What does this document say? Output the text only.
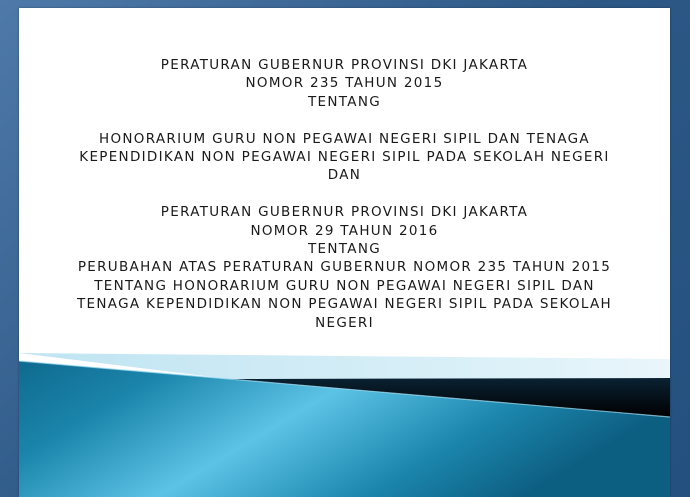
PERATURAN GUBERNUR PROVINSI DKI JAKARTA
NOMOR 235 TAHUN 2015
TENTANG
HONORARIUM GURU NON PEGAWAI NEGERI SIPIL DAN TENAGA
KEPENDIDIKAN NON PEGAWAI NEGERI SIPIL PADA SEKOLAH NEGERI
DAN
PERATURAN GUBERNUR PROVINSI DKI JAKARTA
NOMOR 29 TAHUN 2016
TENTANG
PERUBAHAN ATAS PERATURAN GUBERNUR NOMOR 235 TAHUN 2015
TENTANG HONORARIUM GURU NON PEGAWAI NEGERI SIPIL DAN
TENAGA KEPENDIDIKAN NON PEGAWAI NEGERI SIPIL PADA SEKOLAH
NEGERI
